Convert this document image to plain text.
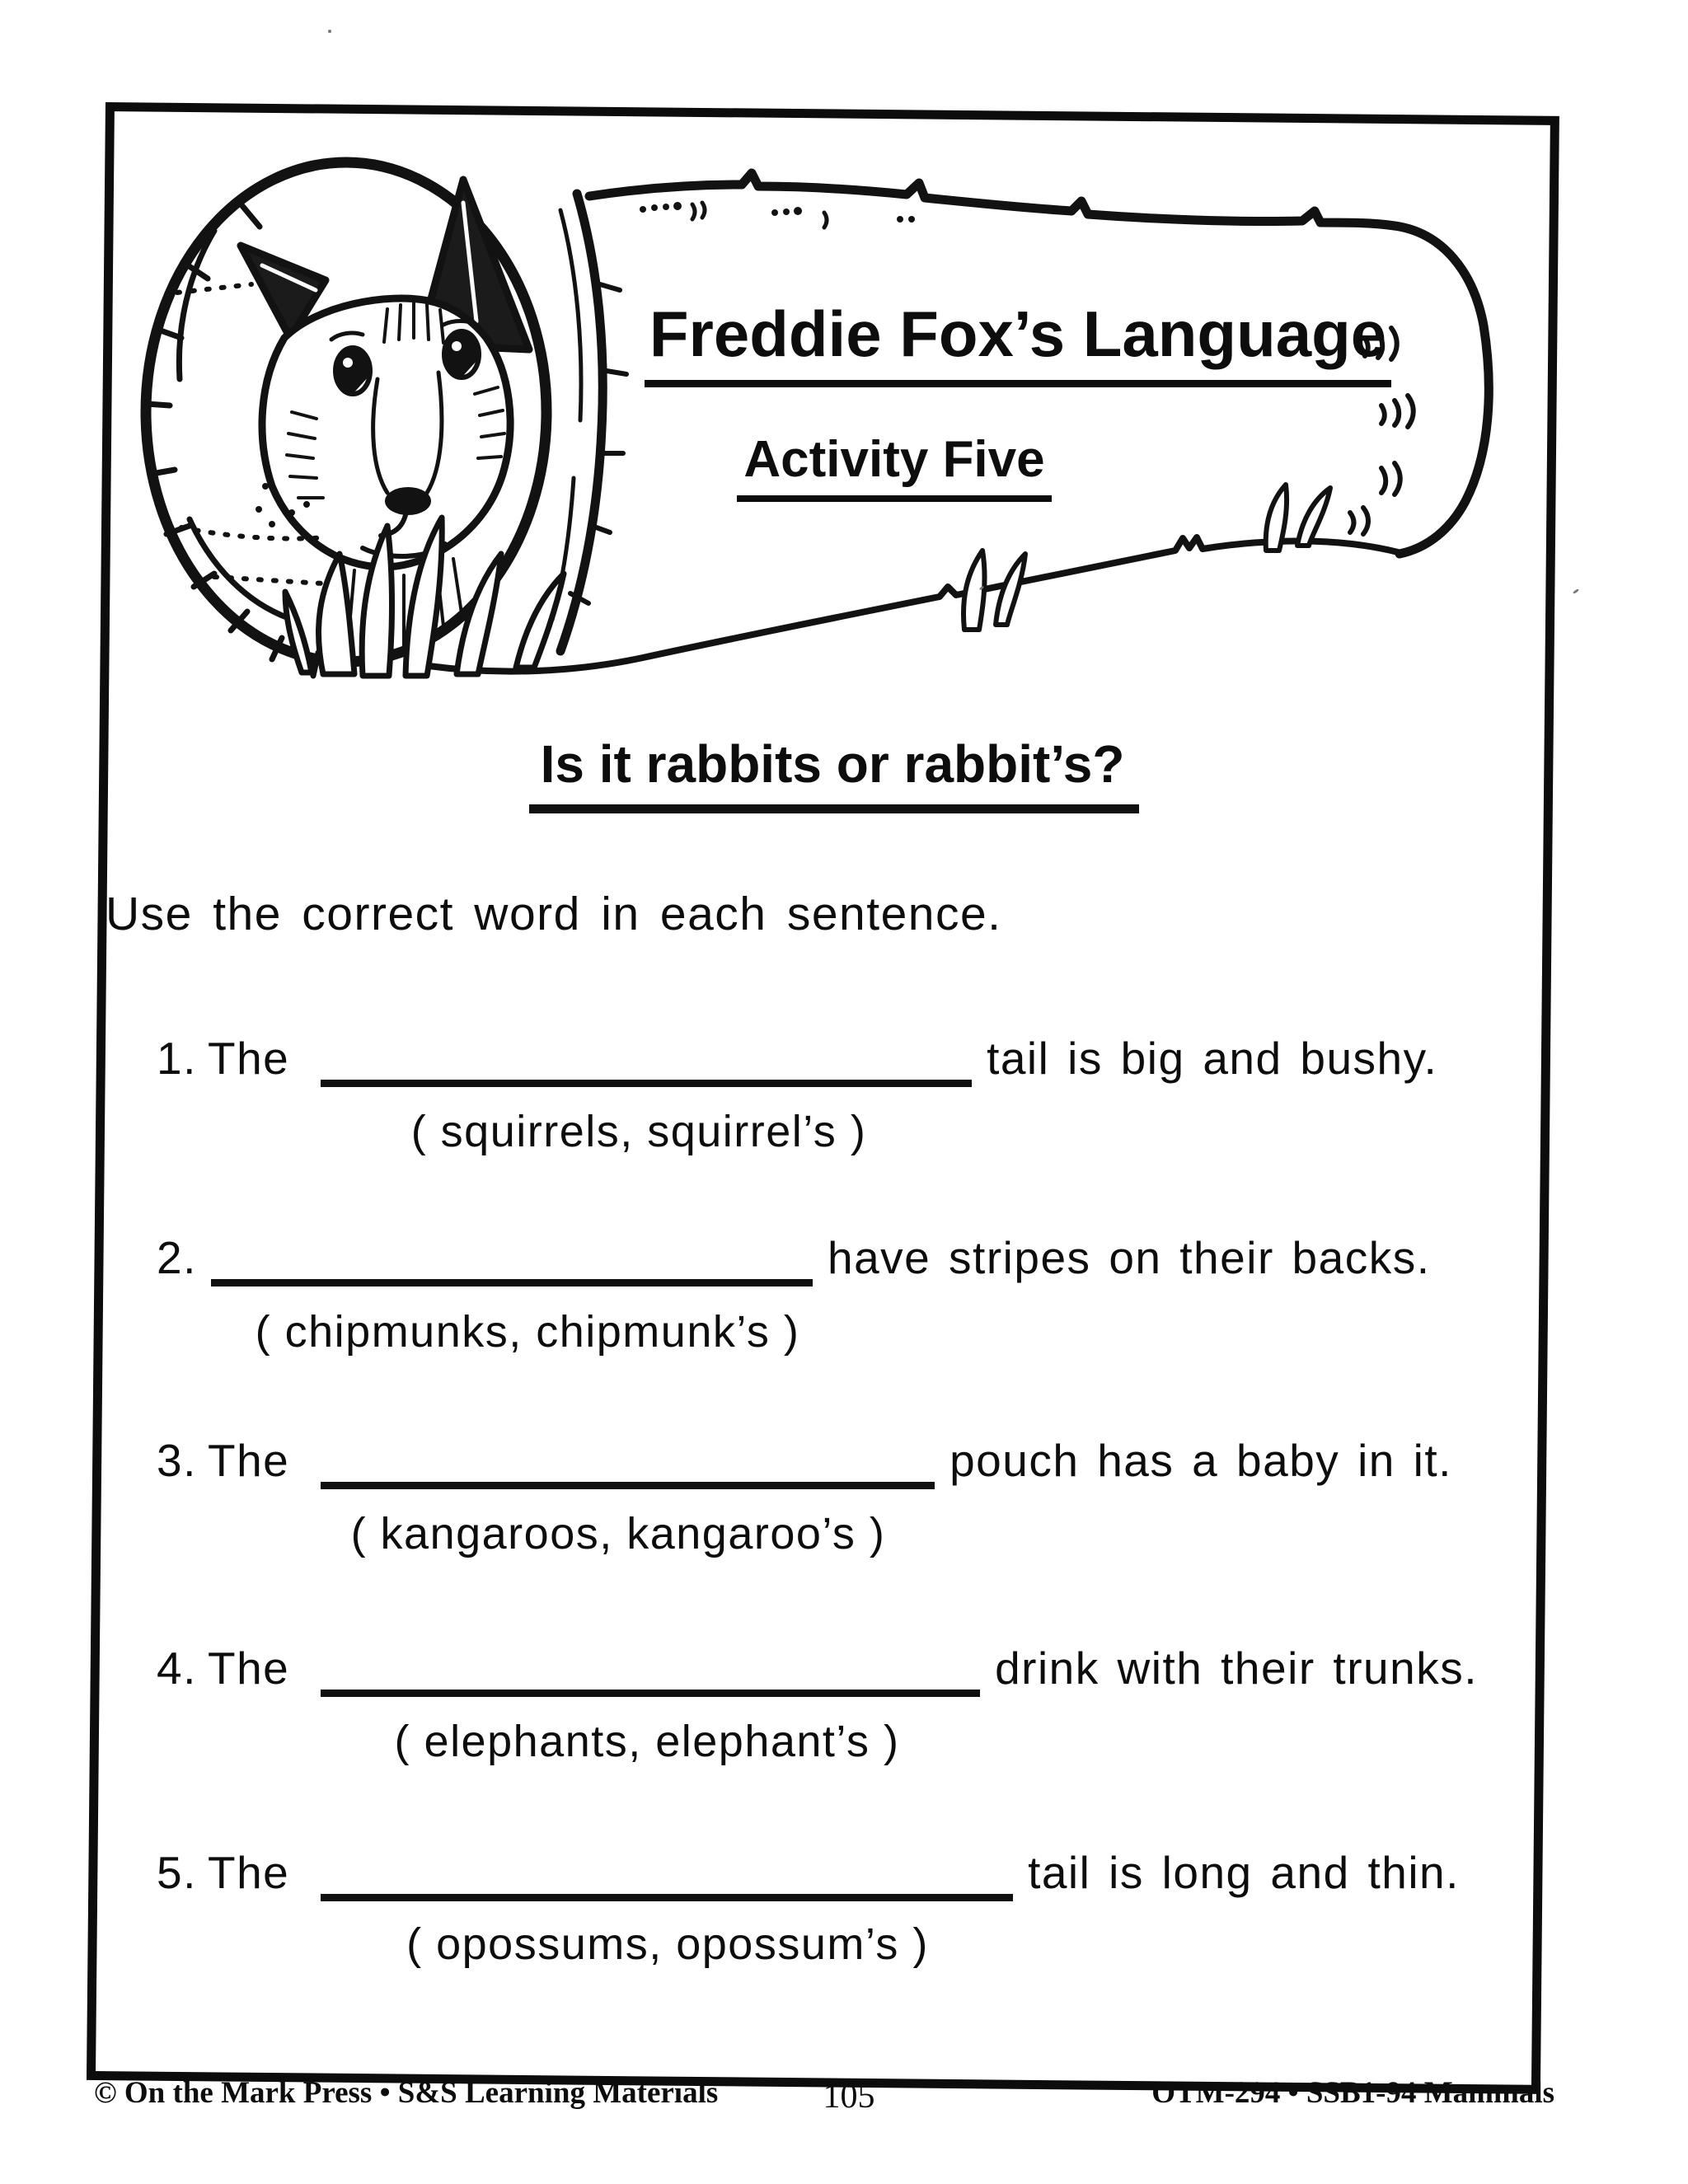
Freddie Fox’s Language
Activity Five
Is it rabbits or rabbit’s?
Use the correct word in each sentence.
1. The	tail is big and bushy.
( squirrels, squirrel’s )
2.	have stripes on their backs.
( chipmunks, chipmunk’s )
3. The	pouch has a baby in it.
( kangaroos, kangaroo’s )
4. The	drink with their trunks.
( elephants, elephant’s )
5. The	tail is long and thin.
( opossums, opossum’s )
© On the Mark Press • S&S Learning Materials	105	OTM-294 • SSB1-94 Mammals
